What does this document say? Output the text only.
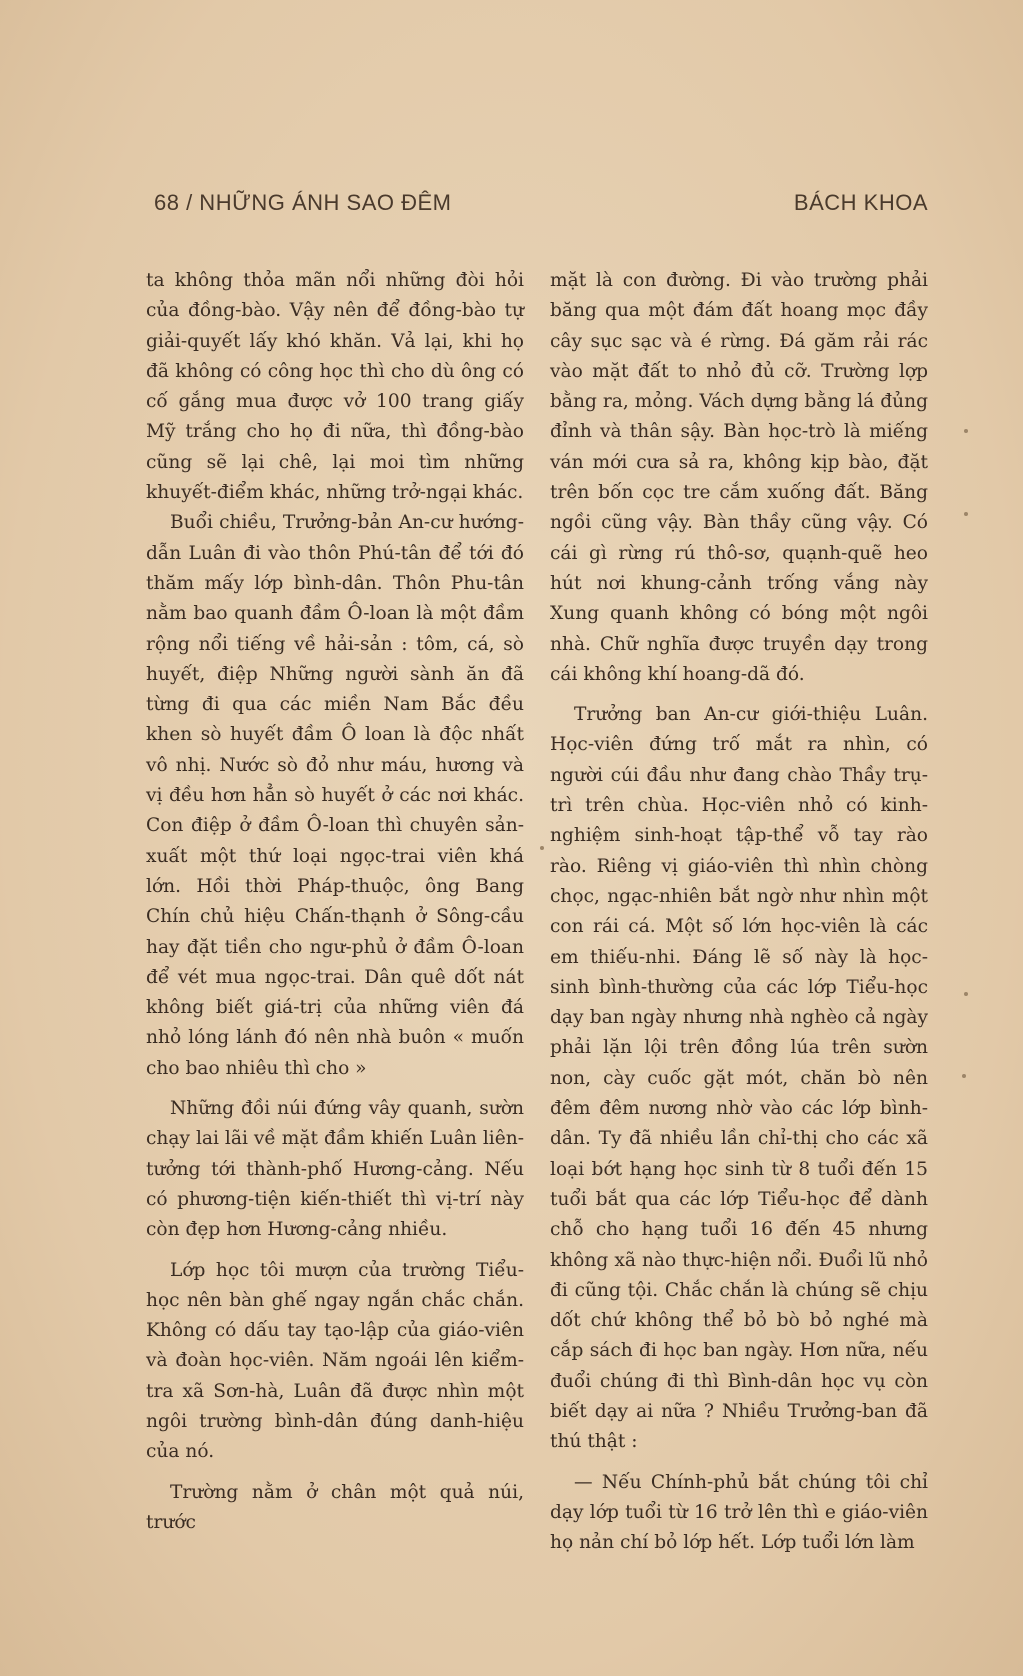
68 / NHỮNG ÁNH SAO ĐÊM	BÁCH KHOA

ta không thỏa mãn nổi những đòi hỏi của đồng-bào. Vậy nên để đồng-bào tự giải-quyết lấy khó khăn. Vả lại, khi họ đã không có công học thì cho dù ông có cố gắng mua được vở 100 trang giấy Mỹ trắng cho họ đi nữa, thì đồng-bào cũng sẽ lại chê, lại moi tìm những khuyết-điểm khác, những trở-ngại khác.

Buổi chiều, Trưởng-bản An-cư hướng-dẫn Luân đi vào thôn Phú-tân để tới đó thăm mấy lớp bình-dân. Thôn Phu-tân nằm bao quanh đầm Ô-loan là một đầm rộng nổi tiếng về hải-sản : tôm, cá, sò huyết, điệp Những người sành ăn đã từng đi qua các miền Nam Bắc đều khen sò huyết đầm Ô loan là độc nhất vô nhị. Nước sò đỏ như máu, hương và vị đều hơn hẳn sò huyết ở các nơi khác. Con điệp ở đầm Ô-loan thì chuyên sản-xuất một thứ loại ngọc-trai viên khá lớn. Hồi thời Pháp-thuộc, ông Bang Chín chủ hiệu Chấn-thạnh ở Sông-cầu hay đặt tiền cho ngư-phủ ở đầm Ô-loan để vét mua ngọc-trai. Dân quê dốt nát không biết giá-trị của những viên đá nhỏ lóng lánh đó nên nhà buôn « muốn cho bao nhiêu thì cho »

Những đồi núi đứng vây quanh, sườn chạy lai lãi về mặt đầm khiến Luân liên-tưởng tới thành-phố Hương-cảng. Nếu có phương-tiện kiến-thiết thì vị-trí này còn đẹp hơn Hương-cảng nhiều.

Lớp học tôi mượn của trường Tiểu-học nên bàn ghế ngay ngắn chắc chắn. Không có dấu tay tạo-lập của giáo-viên và đoàn học-viên. Năm ngoái lên kiểm-tra xã Sơn-hà, Luân đã được nhìn một ngôi trường bình-dân đúng danh-hiệu của nó.

Trường nằm ở chân một quả núi, trước

mặt là con đường. Đi vào trường phải băng qua một đám đất hoang mọc đầy cây sục sạc và é rừng. Đá găm rải rác vào mặt đất to nhỏ đủ cỡ. Trường lợp bằng ra, mỏng. Vách dựng bằng lá đủng đỉnh và thân sậy. Bàn học-trò là miếng ván mới cưa sả ra, không kịp bào, đặt trên bốn cọc tre cắm xuống đất. Băng ngồi cũng vậy. Bàn thầy cũng vậy. Có cái gì rừng rú thô-sơ, quạnh-quẽ heo hút nơi khung-cảnh trống vắng này Xung quanh không có bóng một ngôi nhà. Chữ nghĩa được truyền dạy trong cái không khí hoang-dã đó.

Trưởng ban An-cư giới-thiệu Luân. Học-viên đứng trố mắt ra nhìn, có người cúi đầu như đang chào Thầy trụ-trì trên chùa. Học-viên nhỏ có kinh-nghiệm sinh-hoạt tập-thể vỗ tay rào rào. Riêng vị giáo-viên thì nhìn chòng chọc, ngạc-nhiên bắt ngờ như nhìn một con rái cá. Một số lớn học-viên là các em thiếu-nhi. Đáng lẽ số này là học-sinh bình-thường của các lớp Tiểu-học dạy ban ngày nhưng nhà nghèo cả ngày phải lặn lội trên đồng lúa trên sườn non, cày cuốc gặt mót, chăn bò nên đêm đêm nương nhờ vào các lớp bình-dân. Ty đã nhiều lần chỉ-thị cho các xã loại bớt hạng học sinh từ 8 tuổi đến 15 tuổi bắt qua các lớp Tiểu-học để dành chỗ cho hạng tuổi 16 đến 45 nhưng không xã nào thực-hiện nổi. Đuổi lũ nhỏ đi cũng tội. Chắc chắn là chúng sẽ chịu dốt chứ không thể bỏ bò bỏ nghé mà cắp sách đi học ban ngày. Hơn nữa, nếu đuổi chúng đi thì Bình-dân học vụ còn biết dạy ai nữa ? Nhiều Trưởng-ban đã thú thật :

— Nếu Chính-phủ bắt chúng tôi chỉ dạy lớp tuổi từ 16 trở lên thì e giáo-viên họ nản chí bỏ lớp hết. Lớp tuổi lớn làm
